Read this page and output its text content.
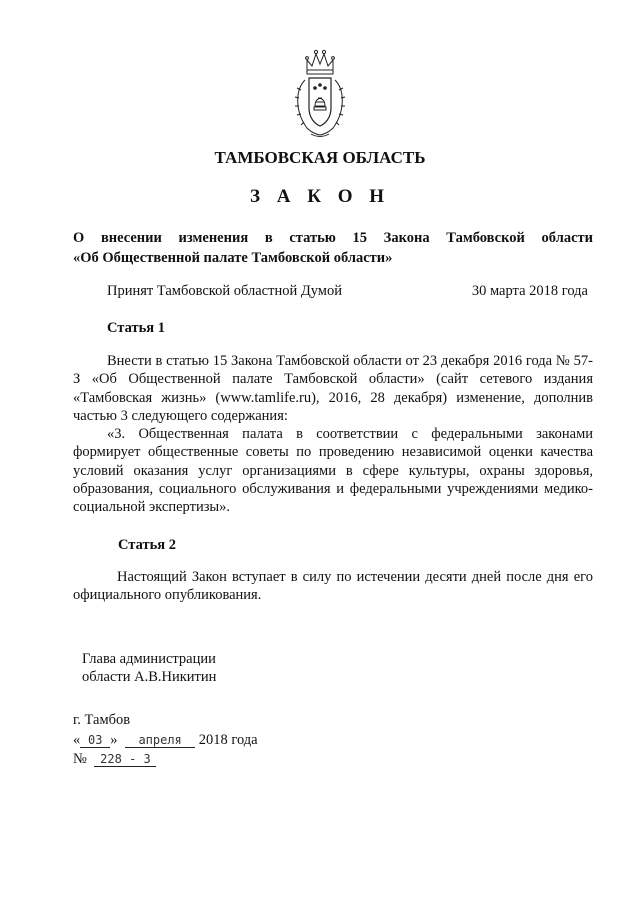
ТАМБОВСКАЯ ОБЛАСТЬ
З А К О Н
О внесении изменения в статью 15 Закона Тамбовской области
«Об Общественной палате Тамбовской области»
Принят Тамбовской областной Думой	30 марта 2018 года
Статья 1

Внести в статью 15 Закона Тамбовской области от 23 декабря 2016 года № 57-З «Об Общественной палате Тамбовской области» (сайт сетевого издания «Тамбовская жизнь» (www.tamlife.ru), 2016, 28 декабря) изменение, дополнив частью 3 следующего содержания:

«3. Общественная палата в соответствии с федеральными законами формирует общественные советы по проведению независимой оценки качества условий оказания услуг организациями в сфере культуры, охраны здоровья, образования, социального обслуживания и федеральными учреждениями медико-социальной экспертизы».

Статья 2

Настоящий Закон вступает в силу по истечении десяти дней после дня его официального опубликования.

Глава администрации
области А.В.Никитин
г. Тамбов
« 03 » апреля 2018 года
№ 228 - З
